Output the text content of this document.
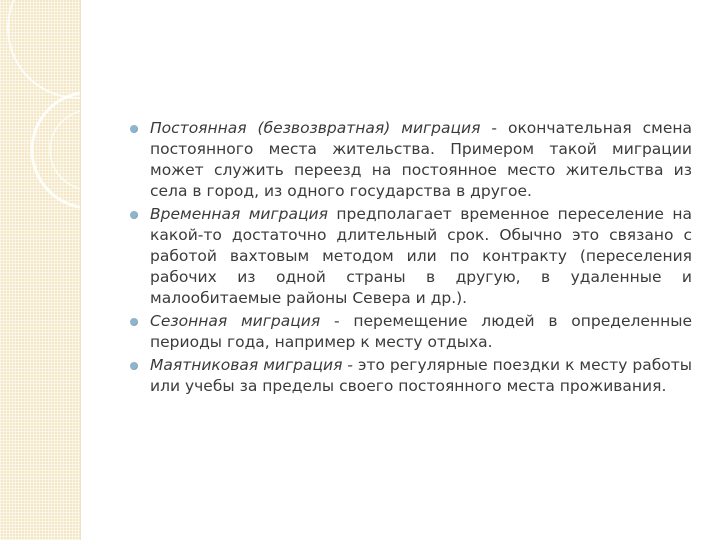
Постоянная (безвозвратная) миграция - окончательная смена постоянного места жительства. Примером такой миграции может служить переезд на постоянное место жительства из села в город, из одного государства в другое.
Временная миграция предполагает временное переселение на какой-то достаточно длительный срок. Обычно это связано с работой вахтовым методом или по контракту (переселения рабочих из одной страны в другую, в удаленные и малообитаемые районы Севера и др.).
Сезонная миграция - перемещение людей в определенные периоды года, например к месту отдыха.
Маятниковая миграция - это регулярные поездки к месту работы или учебы за пределы своего постоянного места проживания.
